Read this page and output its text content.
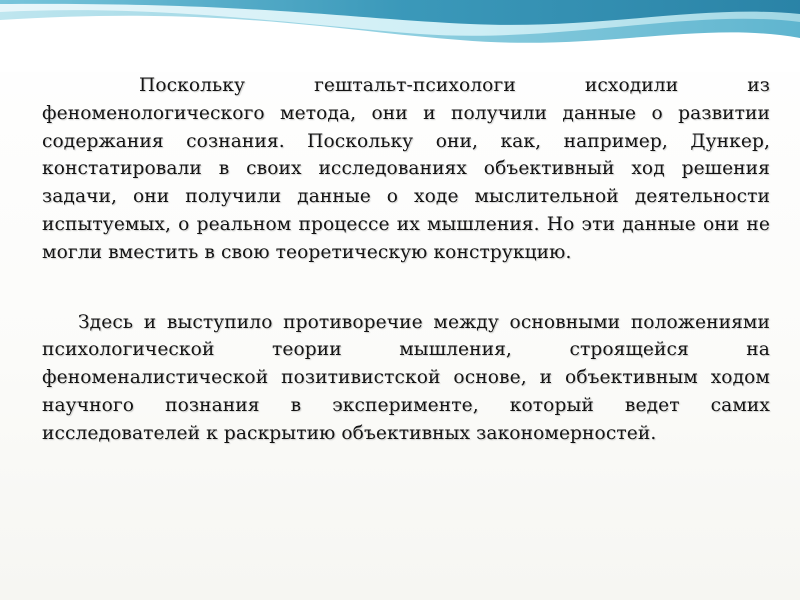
Поскольку гештальт-психологи исходили из феноменологического метода, они и получили данные о развитии содержания сознания. Поскольку они, как, например, Дункер, констатировали в своих исследованиях объективный ход решения задачи, они получили данные о ходе мыслительной деятельности испытуемых, о реальном процессе их мышления. Но эти данные они не могли вместить в свою теоретическую конструкцию.

Здесь и выступило противоречие между основными положениями психологической теории мышления, строящейся на феноменалистической позитивистской основе, и объективным ходом научного познания в эксперименте, который ведет самих исследователей к раскрытию объективных закономерностей.
